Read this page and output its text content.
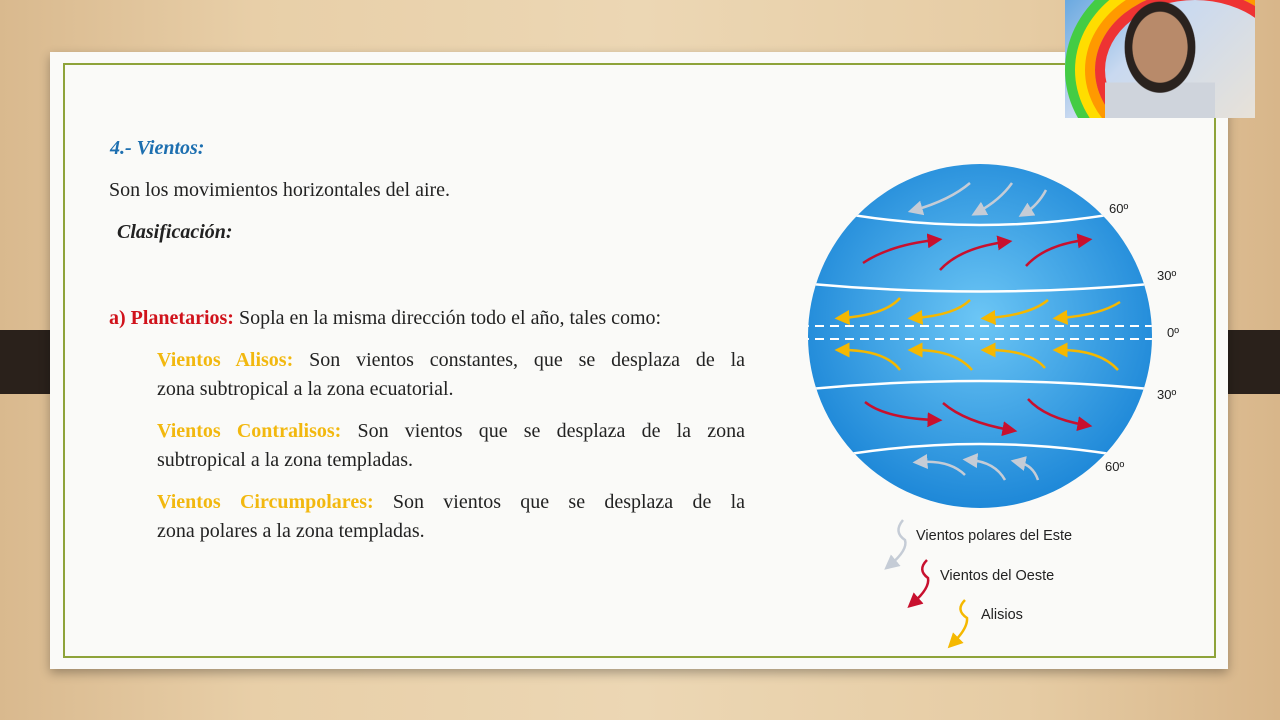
4.- Vientos:
Son los movimientos horizontales del aire.
Clasificación:
a) Planetarios: Sopla en la misma dirección todo el año, tales como:
Vientos Alisos: Son vientos constantes, que se desplaza de la
zona subtropical a la zona ecuatorial.
Vientos Contralisos: Son vientos que se desplaza de la zona
subtropical a la zona templadas.
Vientos Circumpolares: Son vientos que se desplaza de la
zona polares a la zona templadas.
60º
30º
0º
30º
60º
Vientos polares del Este
Vientos del Oeste
Alisios
